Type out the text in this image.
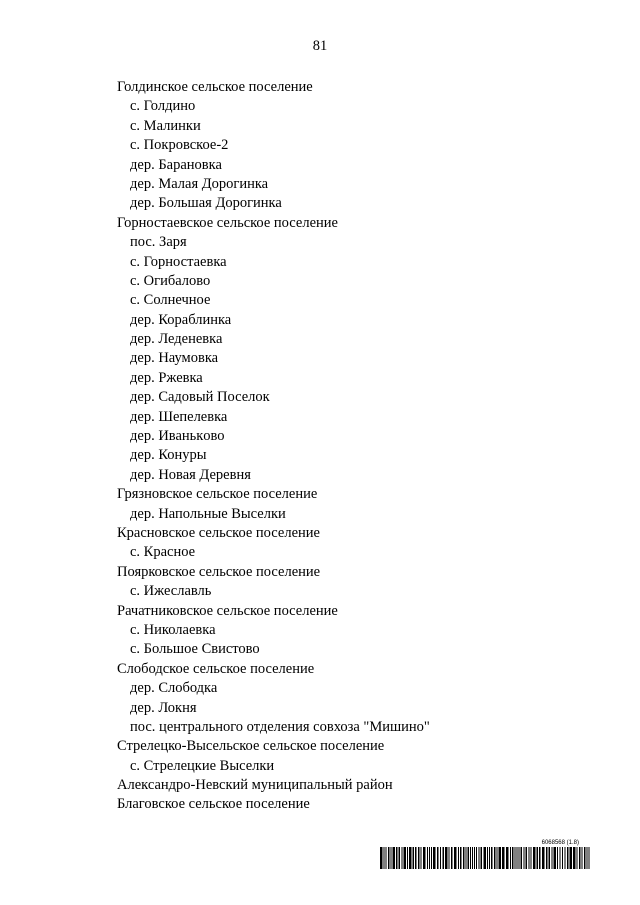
81
Голдинское сельское поселение
с. Голдино
с. Малинки
с. Покровское-2
дер. Барановка
дер. Малая Дорогинка
дер. Большая Дорогинка
Горностаевское сельское поселение
пос. Заря
с. Горностаевка
с. Огибалово
с. Солнечное
дер. Кораблинка
дер. Леденевка
дер. Наумовка
дер. Ржевка
дер. Садовый Поселок
дер. Шепелевка
дер. Иванькoво
дер. Конуры
дер. Новая Деревня
Грязновское сельское поселение
дер. Напольные Выселки
Красновское сельское поселение
с. Красное
Поярковское сельское поселение
с. Ижеславль
Рачатниковское сельское поселение
с. Николаевка
с. Большое Свистово
Слободское сельское поселение
дер. Слободка
дер. Локня
пос. центрального отделения совхоза "Мишино"
Стрелецко-Высельское сельское поселение
с. Стрелецкие Выселки
Александро-Невский муниципальный район
Благовское сельское поселение
6068568 (1.8)
